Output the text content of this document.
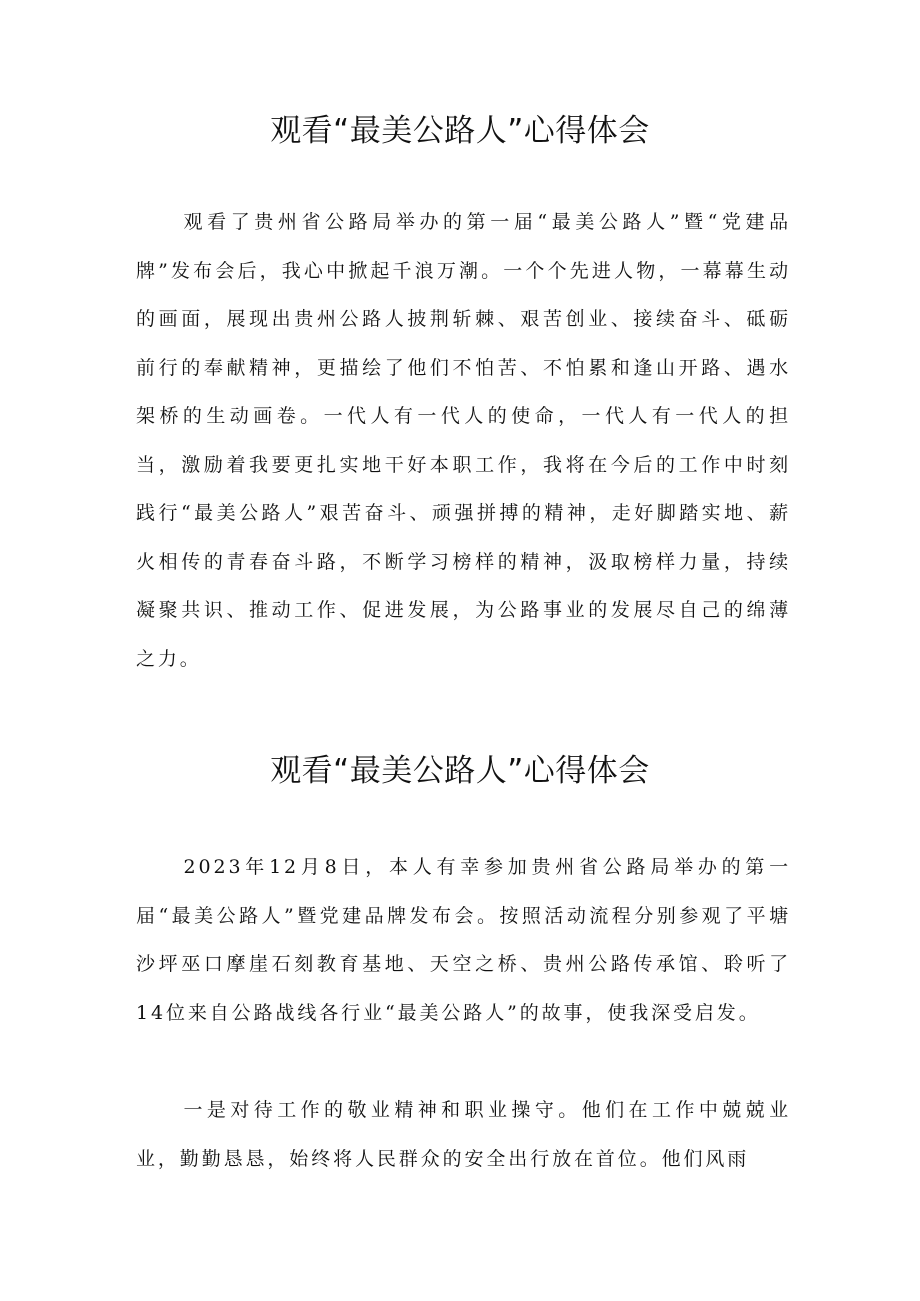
观看“最美公路人”心得体会

观看了贵州省公路局举办的第一届“最美公路人”暨“党建品牌”发布会后，我心中掀起千浪万潮。一个个先进人物，一幕幕生动的画面，展现出贵州公路人披荆斩棘、艰苦创业、接续奋斗、砥砺前行的奉献精神，更描绘了他们不怕苦、不怕累和逢山开路、遇水架桥的生动画卷。一代人有一代人的使命，一代人有一代人的担当，激励着我要更扎实地干好本职工作，我将在今后的工作中时刻践行“最美公路人”艰苦奋斗、顽强拼搏的精神，走好脚踏实地、薪火相传的青春奋斗路，不断学习榜样的精神，汲取榜样力量，持续凝聚共识、推动工作、促进发展，为公路事业的发展尽自己的绵薄之力。

观看“最美公路人”心得体会

2023年12月8日，本人有幸参加贵州省公路局举办的第一届“最美公路人”暨党建品牌发布会。按照活动流程分别参观了平塘沙坪巫口摩崖石刻教育基地、天空之桥、贵州公路传承馆、聆听了14位来自公路战线各行业“最美公路人”的故事，使我深受启发。

一是对待工作的敬业精神和职业操守。他们在工作中兢兢业业，勤勤恳恳，始终将人民群众的安全出行放在首位。他们风雨
